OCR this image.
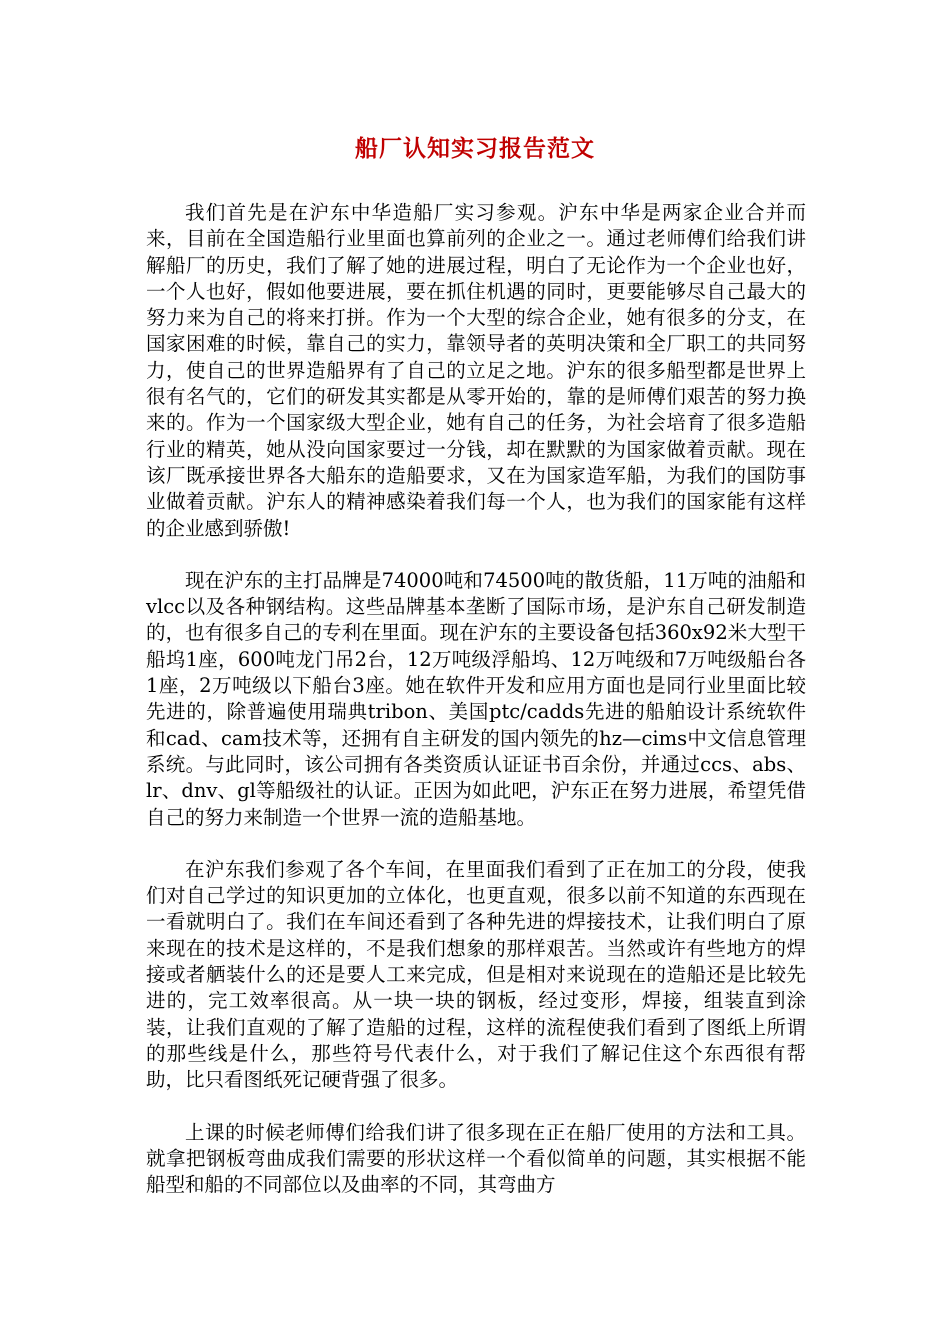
船厂认知实习报告范文

我们首先是在沪东中华造船厂实习参观。沪东中华是两家企业合并而来，目前在全国造船行业里面也算前列的企业之一。通过老师傅们给我们讲解船厂的历史，我们了解了她的进展过程，明白了无论作为一个企业也好，一个人也好，假如他要进展，要在抓住机遇的同时，更要能够尽自己最大的努力来为自己的将来打拼。作为一个大型的综合企业，她有很多的分支，在国家困难的时候，靠自己的实力，靠领导者的英明决策和全厂职工的共同努力，使自己的世界造船界有了自己的立足之地。沪东的很多船型都是世界上很有名气的，它们的研发其实都是从零开始的，靠的是师傅们艰苦的努力换来的。作为一个国家级大型企业，她有自己的任务，为社会培育了很多造船行业的精英，她从没向国家要过一分钱，却在默默的为国家做着贡献。现在该厂既承接世界各大船东的造船要求，又在为国家造军船，为我们的国防事业做着贡献。沪东人的精神感染着我们每一个人，也为我们的国家能有这样的企业感到骄傲!

现在沪东的主打品牌是74000吨和74500吨的散货船，11万吨的油船和vlcc以及各种钢结构。这些品牌基本垄断了国际市场，是沪东自己研发制造的，也有很多自己的专利在里面。现在沪东的主要设备包括360x92米大型干船坞1座，600吨龙门吊2台，12万吨级浮船坞、12万吨级和7万吨级船台各1座，2万吨级以下船台3座。她在软件开发和应用方面也是同行业里面比较先进的，除普遍使用瑞典tribon、美国ptc/cadds先进的船舶设计系统软件和cad、cam技术等，还拥有自主研发的国内领先的hz—cims中文信息管理系统。与此同时，该公司拥有各类资质认证证书百余份，并通过ccs、abs、lr、dnv、gl等船级社的认证。正因为如此吧，沪东正在努力进展，希望凭借自己的努力来制造一个世界一流的造船基地。

在沪东我们参观了各个车间，在里面我们看到了正在加工的分段，使我们对自己学过的知识更加的立体化，也更直观，很多以前不知道的东西现在一看就明白了。我们在车间还看到了各种先进的焊接技术，让我们明白了原来现在的技术是这样的，不是我们想象的那样艰苦。当然或许有些地方的焊接或者舾装什么的还是要人工来完成，但是相对来说现在的造船还是比较先进的，完工效率很高。从一块一块的钢板，经过变形，焊接，组装直到涂装，让我们直观的了解了造船的过程，这样的流程使我们看到了图纸上所谓的那些线是什么，那些符号代表什么，对于我们了解记住这个东西很有帮助，比只看图纸死记硬背强了很多。

上课的时候老师傅们给我们讲了很多现在正在船厂使用的方法和工具。就拿把钢板弯曲成我们需要的形状这样一个看似简单的问题，其实根据不能船型和船的不同部位以及曲率的不同，其弯曲方
